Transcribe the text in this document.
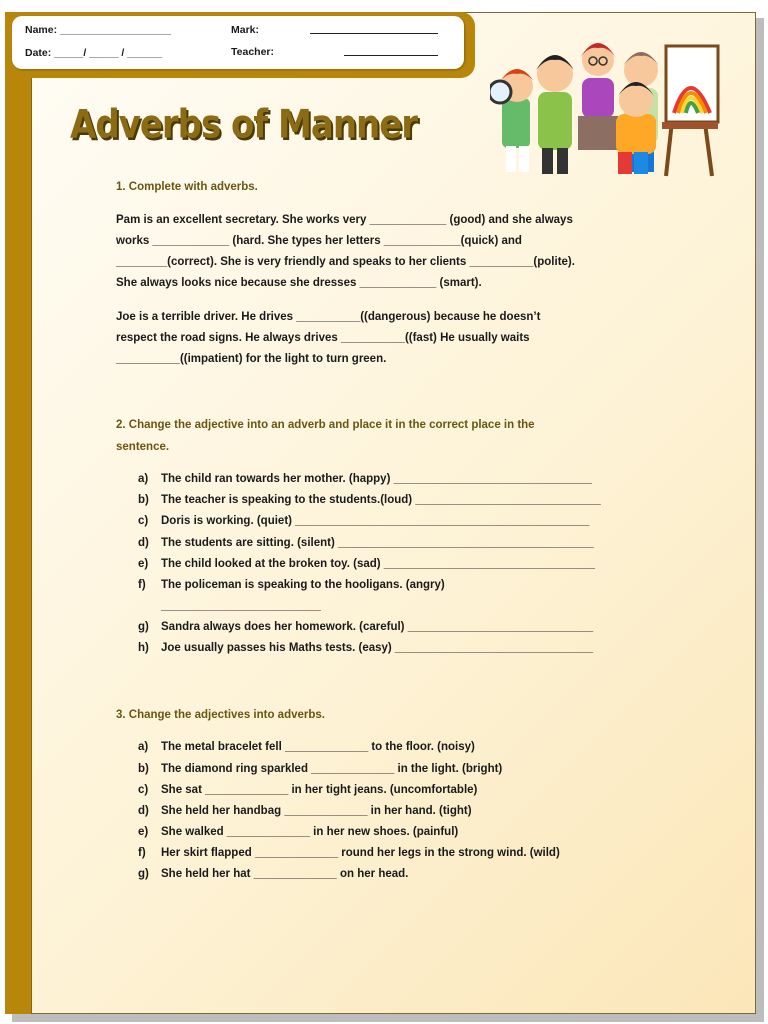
Name: ___________________
Date: _____/ _____ / ______
Mark:
Teacher:
Adverbs of Manner
1. Complete with adverbs.
Pam is an excellent secretary. She works very ____________ (good) and she always
works ____________ (hard. She types her letters ____________(quick) and
________(correct). She is very friendly and speaks to her clients __________(polite).
She always looks nice because she dresses ____________ (smart).
Joe is a terrible driver. He drives __________((dangerous) because he doesn’t
respect the road signs. He always drives __________((fast) He usually waits
__________((impatient) for the light to turn green.
2. Change the adjective into an adverb and place it in the correct place in the
sentence.
a) The child ran towards her mother. (happy) _______________________________
b) The teacher is speaking to the students.(loud) _____________________________
c) Doris is working. (quiet) ______________________________________________
d) The students are sitting. (silent) ________________________________________
e) The child looked at the broken toy. (sad) _________________________________
f) The policeman is speaking to the hooligans. (angry)
_________________________
g) Sandra always does her homework. (careful) _____________________________
h) Joe usually passes his Maths tests. (easy) _______________________________
3. Change the adjectives into adverbs.
a) The metal bracelet fell _____________ to the floor. (noisy)
b) The diamond ring sparkled _____________ in the light. (bright)
c) She sat _____________ in her tight jeans. (uncomfortable)
d) She held her handbag _____________ in her hand. (tight)
e) She walked _____________ in her new shoes. (painful)
f) Her skirt flapped _____________ round her legs in the strong wind. (wild)
g) She held her hat _____________ on her head.
